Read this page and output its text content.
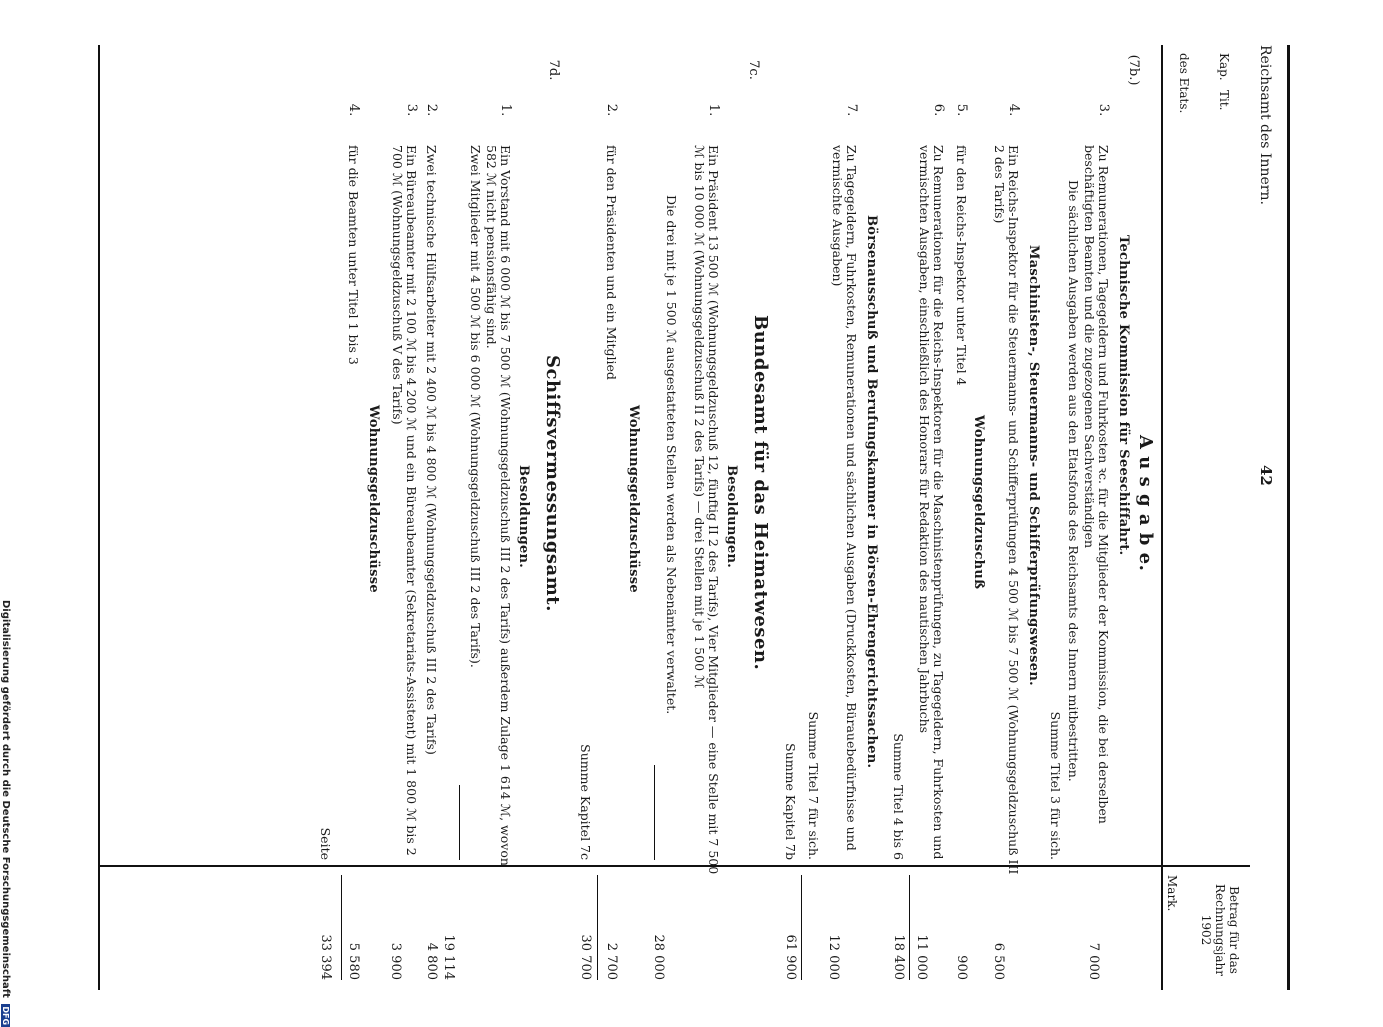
Digitalisierung gefördert durch die Deutsche Forschungsgemeinschaft DFG
Reichsamt des Innern.
42
Kap.
Tit.
des Etats.
Betrag für das Rechnungsjahr 1902
Mark.
A u s g a b e.
(7b.)
Technische Kommission für Seeschiffahrt.
3.
Zu Remunerationen, Tagegeldern und Fuhrkosten ꝛc. für die Mitglieder der Kommission, die bei derselben beschäftigten Beamten und die zugezogenen Sachverständigen
Die sächlichen Ausgaben werden aus den Etatsfonds des Reichsamts des Innern mitbestritten.
Summe Titel 3 für sich.
7 000
Maschinisten-, Steuermanns- und Schifferprüfungswesen.
4.
Ein Reichs-Inspektor für die Steuermanns- und Schifferprüfungen 4 500 ℳ bis 7 500 ℳ (Wohnungsgeldzuschuß III 2 des Tarifs)
6 500
Wohnungsgeldzuschuß
5.
für den Reichs-Inspektor unter Titel 4
900
6.
Zu Remunerationen für die Reichs-Inspektoren für die Maschinistenprüfungen, zu Tagegeldern, Fuhrkosten und vermischten Ausgaben, einschließlich des Honorars für Redaktion des nautischen Jahrbuchs
11 000
Summe Titel 4 bis 6
18 400
Börsenausschuß und Berufungskammer in Börsen-Ehrengerichtssachen.
7.
Zu Tagegeldern, Fuhrkosten, Remunerationen und sächlichen Ausgaben (Druckkosten, Bürauebedürfnisse und vermischte Ausgaben)
Summe Titel 7 für sich.
12 000
Summe Kapitel 7b
61 900
7c.
Bundesamt für das Heimatwesen.
Besoldungen.
1.
Ein Präsident 13 500 ℳ (Wohnungsgeldzuschuß 12, fünftig II 2 des Tarifs), Vier Mitglieder — eine Stelle mit 7 500 ℳ bis 10 000 ℳ (Wohnungsgeldzuschuß II 2 des Tarifs) — drei Stellen mit je 1 500 ℳ
Die drei mit je 1 500 ℳ ausgestatteten Stellen werden als Nebenämter verwaltet.
28 000
Wohnungsgeldzuschüsse
2.
für den Präsidenten und ein Mitglied
2 700
Summe Kapitel 7c
30 700
7d.
Schiffsvermessungsamt.
Besoldungen.
1.
Ein Vorstand mit 6 000 ℳ bis 7 500 ℳ (Wohnungsgeldzuschuß III 2 des Tarifs) außerdem Zulage 1 614 ℳ, wovon 582 ℳ nicht pensionsfähig sind.
Zwei Mitglieder mit 4 500 ℳ bis 6 000 ℳ (Wohnungsgeldzuschuß III 2 des Tarifs).
19 114
2.
Zwei technische Hülfsarbeiter mit 2 400 ℳ bis 4 800 ℳ (Wohnungsgeldzuschuß III 2 des Tarifs)
4 800
3.
Ein Büreaubeamter mit 2 100 ℳ bis 4 200 ℳ und ein Büreaubeamter (Sekretariats-Assistent) mit 1 800 ℳ bis 2 700 ℳ (Wohnungsgeldzuschuß V des Tarifs)
3 900
Wohnungsgeldzuschüsse
4.
für die Beamten unter Titel 1 bis 3
5 580
Seite
33 394
